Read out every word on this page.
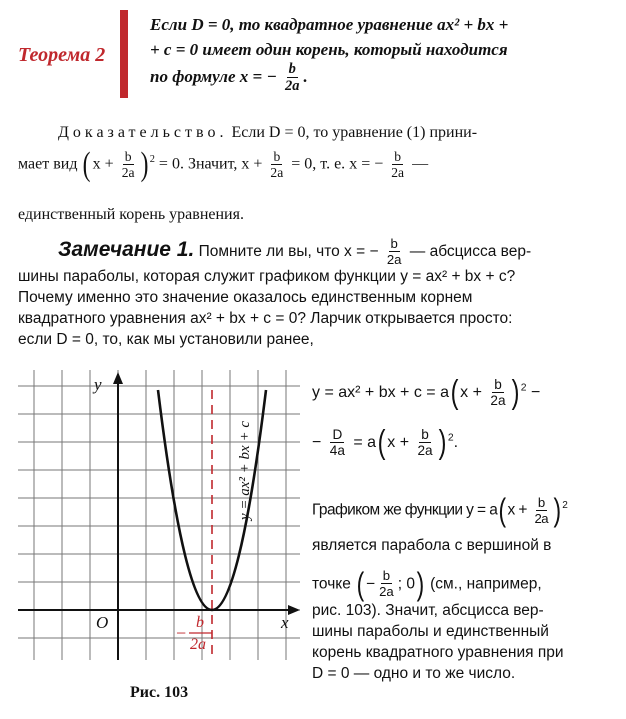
Теорема 2
Если D = 0, то квадратное уравнение ax² + bx +
+ c = 0 имеет один корень, который находится
по формуле x = − $\frac{b}{2a}$ .
Доказательство. Если D = 0, то уравнение (1) прини-
мает вид ( $x + \frac{b}{2a}$ ) $^2$ = 0. Значит, $x + \frac{b}{2a} = 0$, т. е. x = − $\frac{b}{2a}$ —
единственный корень уравнения.
Замечание 1. Помните ли вы, что x = − $\frac{b}{2a}$ — абсцисса вер-
шины параболы, которая служит графиком функции y = ax² + bx + c?
Почему именно это значение оказалось единственным корнем
квадратного уравнения ax² + bx + c = 0? Ларчик открывается просто:
если D = 0, то, как мы установили ранее,
y
x
O
−
b
2a
y = ax² + bx + c
Рис. 103
y = ax² + bx + c = a( $x + \frac{b}{2a}$ ) $^2$ −
− $\frac{D}{4a} = a$( $x + \frac{b}{2a}$ ) $^2$.
Графиком же функции $y = a(x + \frac{b}{2a}$ ) $^2$
является парабола с вершиной в
точке ( − $\frac{b}{2a}$ ; 0) (см., например,
рис. 103). Значит, абсцисса вер-
шины параболы и единственный
корень квадратного уравнения при
D = 0 — одно и то же число.
